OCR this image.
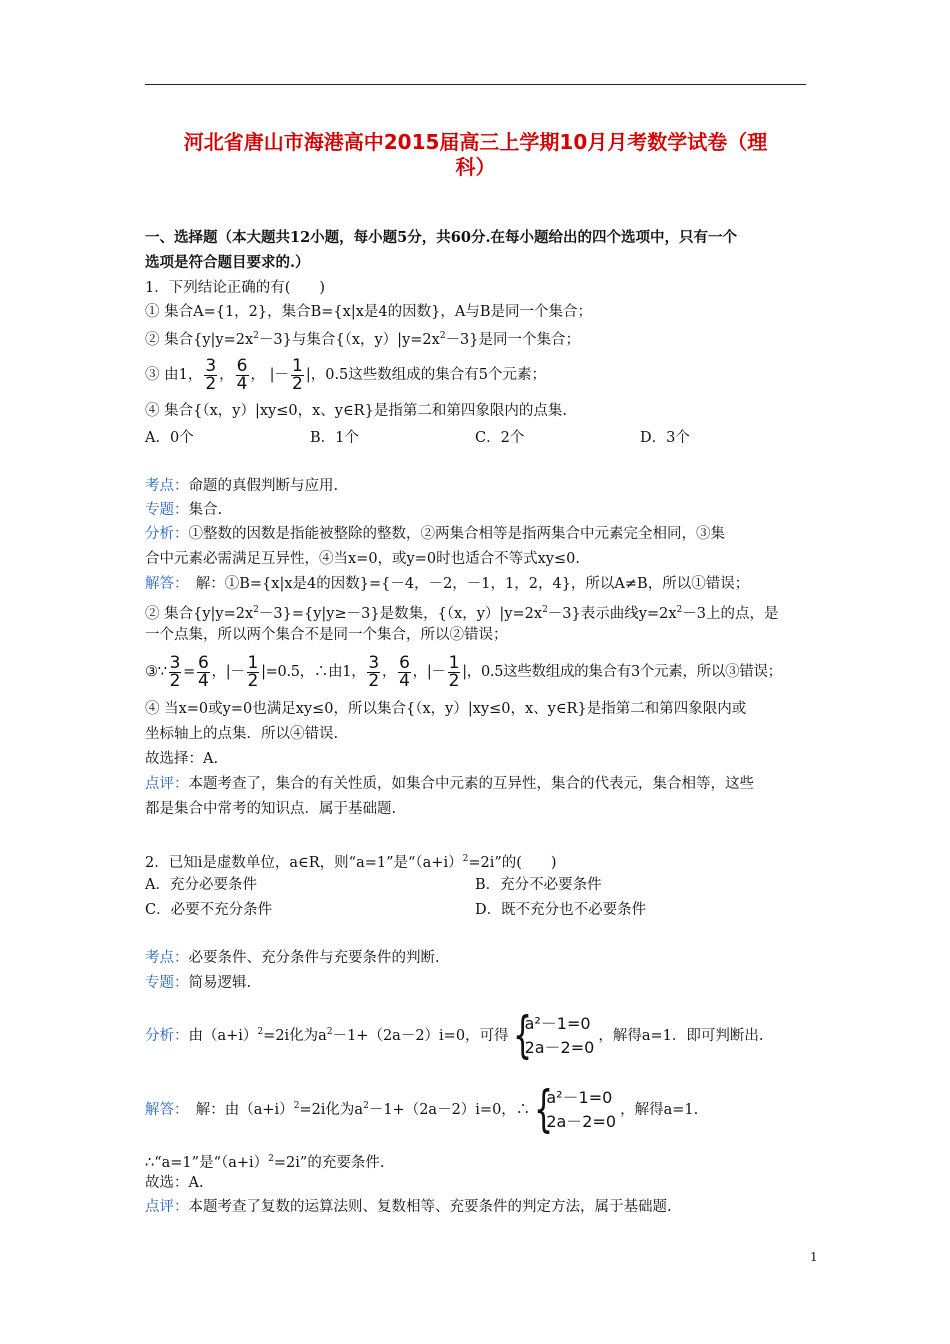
河北省唐山市海港高中2015届高三上学期10月月考数学试卷（理
科）
一、选择题（本大题共12小题，每小题5分，共60分.在每小题给出的四个选项中，只有一个
选项是符合题目要求的.）
1．下列结论正确的有(　　)
① 集合A={1，2}，集合B={x|x是4的因数}，A与B是同一个集合；
② 集合$\{y|y=2x^2-3\}$与集合{（x，$y)|y=2x^2-3$}是同一个集合；
③ 由1， $\frac{3}{2}$ ， $\frac{6}{4}$ ， |－ $\frac{1}{2}$ |，0.5这些数组成的集合有5个元素；
④ 集合{（x，y）|xy≤0，x、y∈R}是指第二和第四象限内的点集.
A．0个	B．1个	C．2个	D．3个
考点：命题的真假判断与应用.
专题：集合.
分析：①整数的因数是指能被整除的整数，②两集合相等是指两集合中元素完全相同，③集
合中元素必需满足互异性，④当x=0，或y=0时也适合不等式xy≤0.
解答：　解：①B={x|x是4的因数}={－4，－2，－1，1，2，4}，所以A≠B，所以①错误；
② 集合$\{y|y=2x^2-3\}=\{y|y\ge-3\}$是数集，{（x，$y)|y=2x^2-3$}表示曲线$y=2x^2-3$上的点，是
一个点集，所以两个集合不是同一个集合，所以②错误；
③∵ $\frac{3}{2} = \frac{6}{4}$ ，|－ $\frac{1}{2} |=0.5$，∴由1， $\frac{3}{2}$ ， $\frac{6}{4}$ ，|－ $\frac{1}{2}$ |，0.5这些数组成的集合有3个元素，所以③错误；
④ 当x=0或y=0也满足xy≤0，所以集合{（x，y）|xy≤0，x、y∈R}是指第二和第四象限内或
坐标轴上的点集．所以④错误.
故选择：A.
点评：本题考查了，集合的有关性质，如集合中元素的互异性，集合的代表元，集合相等，这些
都是集合中常考的知识点．属于基础题.
2．已知i是虚数单位，a∈R，则“a=1”是“$(a+i)^2=2i$”的(　　)
A．充分必要条件	B．充分不必要条件
C．必要不充分条件	D．既不充分也不必要条件
考点：必要条件、充分条件与充要条件的判断.
专题：简易逻辑.
分析：由$(a+i)^2=2i$化为$a^2-1+(2a-2)i=0$，可得 {
a²－1=0
2a－2=0
，解得a=1．即可判断出.
解答：　解：由$(a+i)^2=2i$化为$a^2-1+(2a-2)i=0$，∴ {
a²－1=0
2a－2=0
，解得a=1.
∴“a=1”是“$(a+i)^2=2i$”的充要条件.
故选：A.
点评：本题考查了复数的运算法则、复数相等、充要条件的判定方法，属于基础题.
1
